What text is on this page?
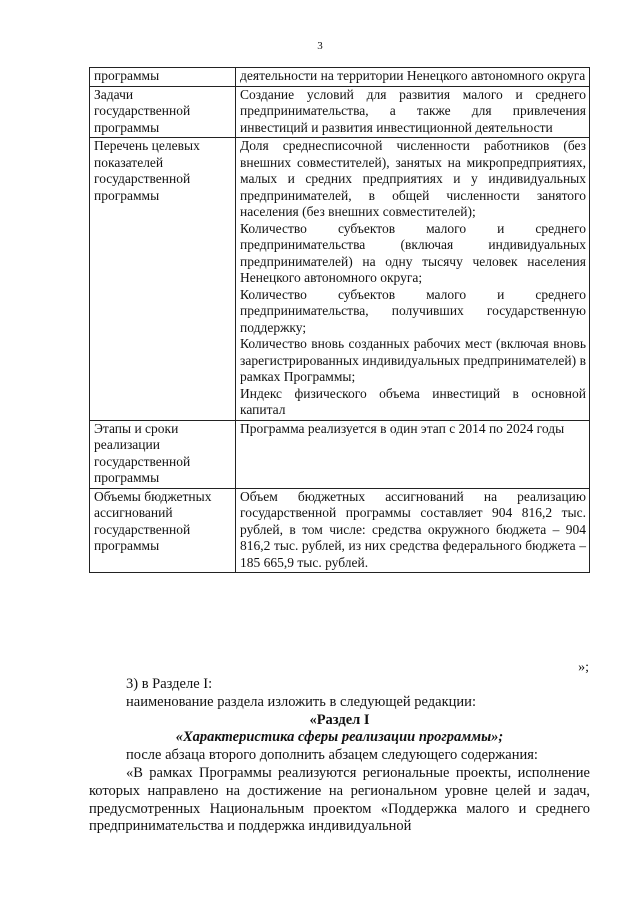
3
программы	деятельности на территории Ненецкого автономного округа

Задачи государственной программы	Создание условий для развития малого и среднего предпринимательства, а также для привлечения инвестиций и развития инвестиционной деятельности

Перечень целевых показателей государственной программы	Доля среднесписочной численности работников (без внешних совместителей), занятых на микропредприятиях, малых и средних предприятиях и у индивидуальных предпринимателей, в общей численности занятого населения (без внешних совместителей);

Количество субъектов малого и среднего предпринимательства (включая индивидуальных предпринимателей) на одну тысячу человек населения Ненецкого автономного округа;

Количество субъектов малого и среднего предпринимательства, получивших государственную поддержку;

Количество вновь созданных рабочих мест (включая вновь зарегистрированных индивидуальных предпринимателей) в рамках Программы;

Индекс физического объема инвестиций в основной капитал

Этапы и сроки реализации государственной программы	Программа реализуется в один этап с 2014 по 2024 годы

Объемы бюджетных ассигнований государственной программы	Объем бюджетных ассигнований на реализацию государственной программы составляет 904 816,2 тыс. рублей, в том числе: средства окружного бюджета – 904 816,2 тыс. рублей, из них средства федерального бюджета – 185 665,9 тыс. рублей.

»;

3) в Разделе I:

наименование раздела изложить в следующей редакции:

«Раздел I

«Характеристика сферы реализации программы»;

после абзаца второго дополнить абзацем следующего содержания:

«В рамках Программы реализуются региональные проекты, исполнение которых направлено на достижение на региональном уровне целей и задач, предусмотренных Национальным проектом «Поддержка малого и среднего предпринимательства и поддержка индивидуальной
